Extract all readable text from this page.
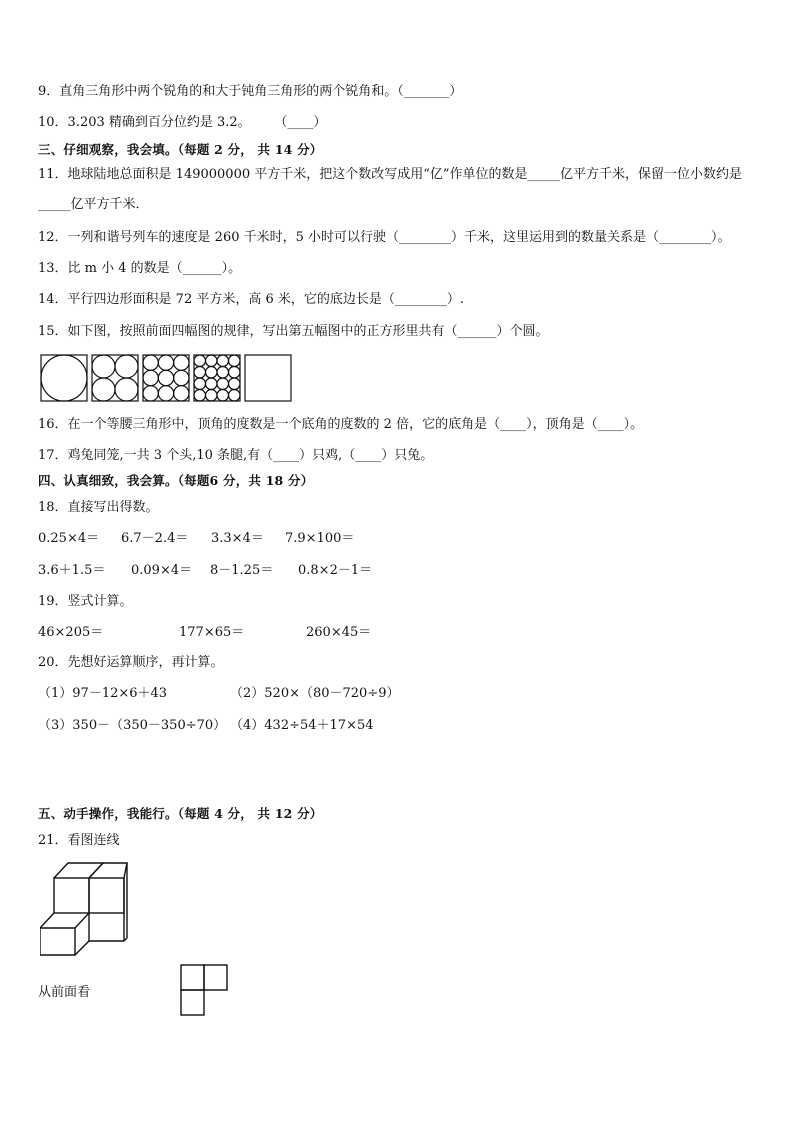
9．直角三角形中两个锐角的和大于钝角三角形的两个锐角和。（_______）
10．3.203 精确到百分位约是 3.2。　　 （____）
三、仔细观察，我会填。（每题 2 分， 共 14 分）
11．地球陆地总面积是 149000000 平方千米，把这个数改写成用“亿”作单位的数是_____亿平方千米，保留一位小数约是_____亿平方千米．
12．一列和谐号列车的速度是 260 千米时，5 小时可以行驶（________）千米，这里运用到的数量关系是（________）。
13．比 m 小 4 的数是（______）。
14．平行四边形面积是 72 平方米，高 6 米，它的底边长是（________）.
15．如下图，按照前面四幅图的规律，写出第五幅图中的正方形里共有（______）个圆。
16．在一个等腰三角形中，顶角的度数是一个底角的度数的 2 倍，它的底角是（____），顶角是（____）。
17．鸡兔同笼,一共 3 个头,10 条腿,有（____）只鸡,（____）只兔。
四、认真细致，我会算。（每题6 分，共 18 分）
18．直接写出得数。
0.25×4＝ 6.7－2.4＝ 3.3×4＝ 7.9×100＝
3.6＋1.5＝ 0.09×4＝ 8－1.25＝ 0.8×2－1＝
19．竖式计算。
46×205＝	177×65＝	260×45＝
20．先想好运算顺序，再计算。
（1）97－12×6＋43	（2）520×（80－720÷9）
（3）350－（350－350÷70） （4）432÷54＋17×54
五、动手操作，我能行。（每题 4 分， 共 12 分）
21．看图连线
从前面看
